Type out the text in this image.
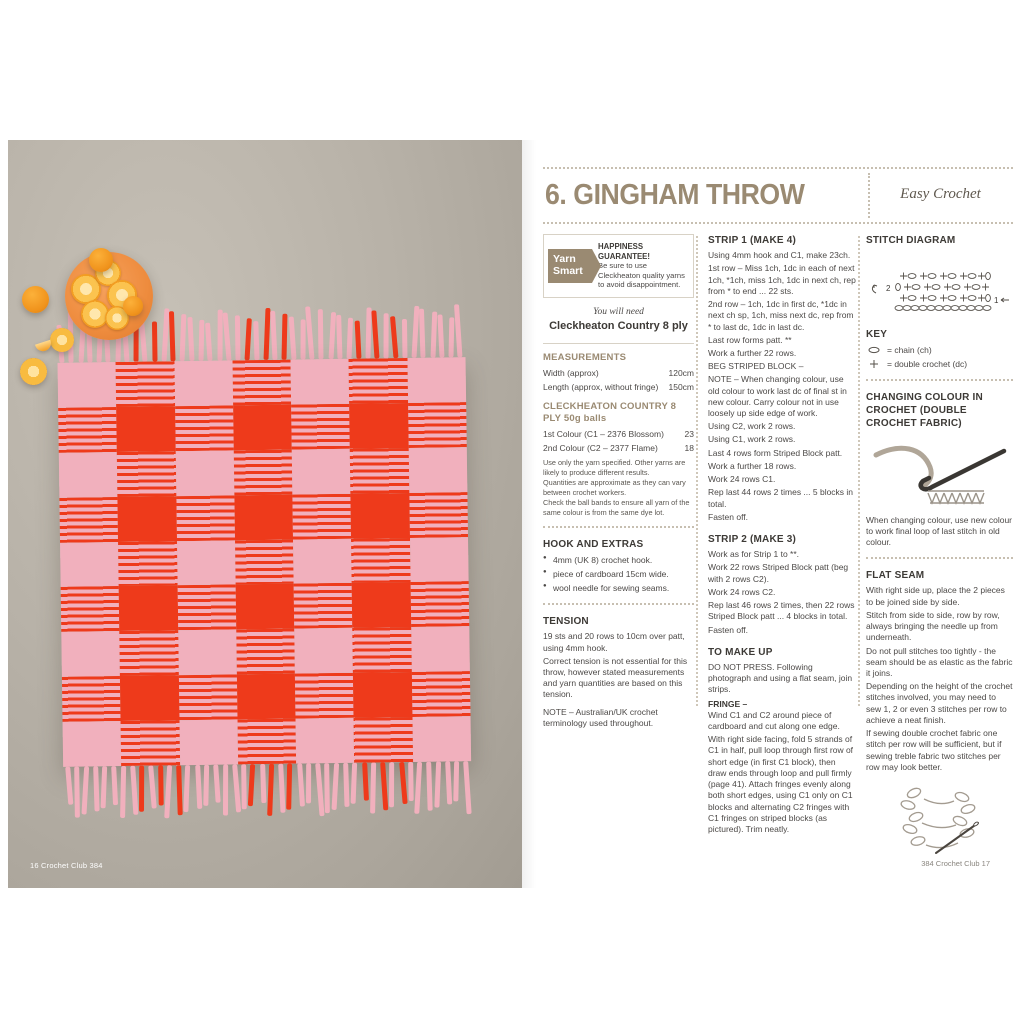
16 Crochet Club 384
6. GINGHAM THROW	Easy Crochet
Yarn
Smart
HAPPINESS GUARANTEE!
Be sure to use Cleckheaton quality yarns to avoid disappointment.
You will need
Cleckheaton Country 8 ply
MEASUREMENTS
Width (approx)	120cm
Length (approx, without fringe) 150cm
CLECKHEATON COUNTRY 8 PLY 50g balls
1st Colour (C1 – 2376 Blossom) 23
2nd Colour (C2 – 2377 Flame)	18
Use only the yarn specified. Other yarns are likely to produce different results.
Quantities are approximate as they can vary between crochet workers.
Check the ball bands to ensure all yarn of the same colour is from the same dye lot.
HOOK AND EXTRAS
● 4mm (UK 8) crochet hook.
● piece of cardboard 15cm wide.
● wool needle for sewing seams.
TENSION
19 sts and 20 rows to 10cm over patt, using 4mm hook.
Correct tension is not essential for this throw, however stated measurements and yarn quantities are based on this tension.
NOTE – Australian/UK crochet terminology used throughout.
STRIP 1 (MAKE 4)
Using 4mm hook and C1, make 23ch.
1st row – Miss 1ch, 1dc in each of next 1ch, *1ch, miss 1ch, 1dc in next ch, rep from * to end ... 22 sts.
2nd row – 1ch, 1dc in first dc, *1dc in next ch sp, 1ch, miss next dc, rep from * to last dc, 1dc in last dc.
Last row forms patt. **
Work a further 22 rows.
BEG STRIPED BLOCK –
NOTE – When changing colour, use old colour to work last dc of final st in new colour. Carry colour not in use loosely up side edge of work.
Using C2, work 2 rows.
Using C1, work 2 rows.
Last 4 rows form Striped Block patt.
Work a further 18 rows.
Work 24 rows C1.
Rep last 44 rows 2 times ... 5 blocks in total.
Fasten off.
STRIP 2 (MAKE 3)
Work as for Strip 1 to **.
Work 22 rows Striped Block patt (beg with 2 rows C2).
Work 24 rows C2.
Rep last 46 rows 2 times, then 22 rows Striped Block patt ... 4 blocks in total.
Fasten off.
TO MAKE UP
DO NOT PRESS. Following photograph and using a flat seam, join strips.
FRINGE –
Wind C1 and C2 around piece of cardboard and cut along one edge.
With right side facing, fold 5 strands of C1 in half, pull loop through first row of short edge (in first C1 block), then draw ends through loop and pull firmly (page 41). Attach fringes evenly along both short edges, using C1 only on C1 blocks and alternating C2 fringes with C1 fringes on striped blocks (as pictured). Trim neatly.
STITCH DIAGRAM
2
1
KEY
= chain (ch)
= double crochet (dc)
CHANGING COLOUR IN CROCHET (DOUBLE CROCHET FABRIC)
When changing colour, use new colour to work final loop of last stitch in old colour.
FLAT SEAM
With right side up, place the 2 pieces to be joined side by side.
Stitch from side to side, row by row, always bringing the needle up from underneath.
Do not pull stitches too tightly - the seam should be as elastic as the fabric it joins.
Depending on the height of the crochet stitches involved, you may need to sew 1, 2 or even 3 stitches per row to achieve a neat finish.
If sewing double crochet fabric one stitch per row will be sufficient, but if sewing treble fabric two stitches per row may look better.
384 Crochet Club 17
